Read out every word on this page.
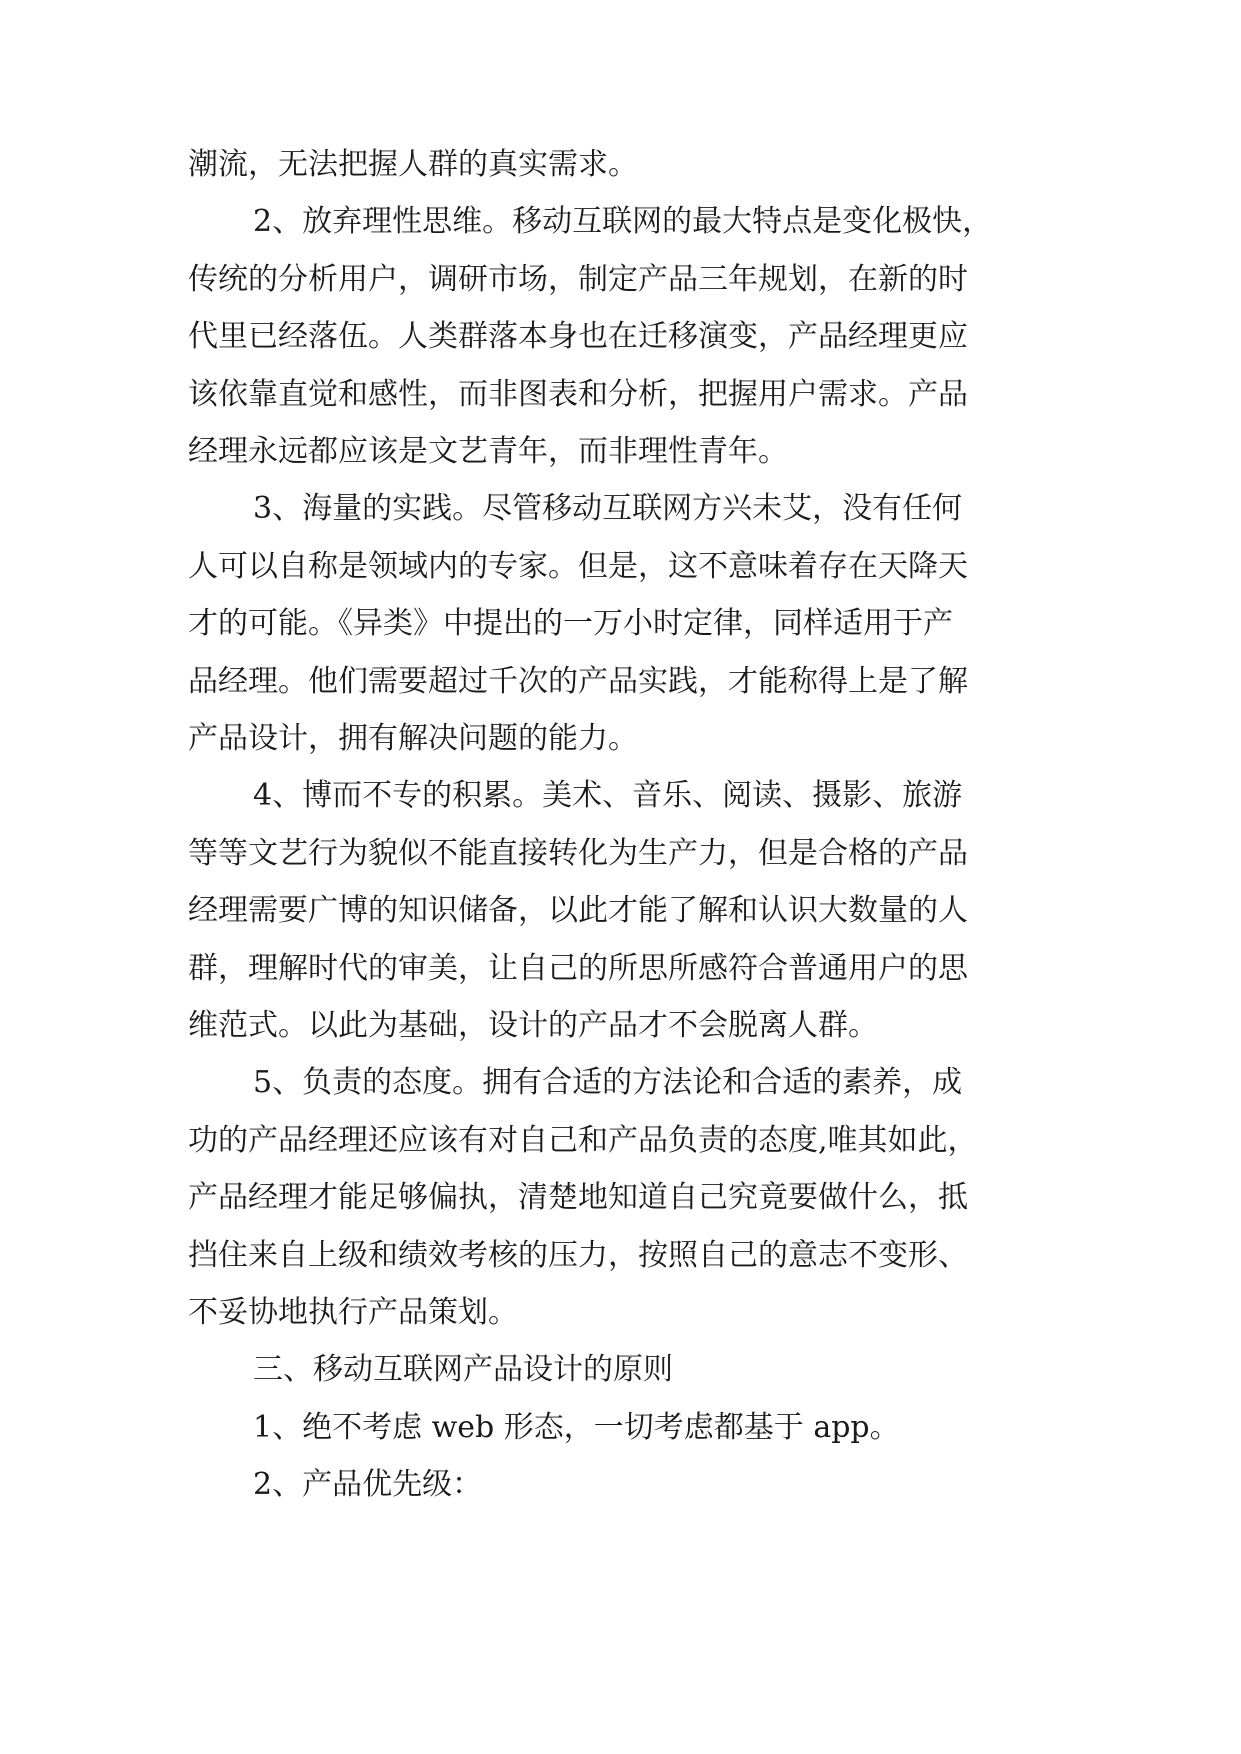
潮流，无法把握人群的真实需求。

2、放弃理性思维。移动互联网的最大特点是变化极快，

传统的分析用户，调研市场，制定产品三年规划，在新的时

代里已经落伍。人类群落本身也在迁移演变，产品经理更应

该依靠直觉和感性，而非图表和分析，把握用户需求。产品

经理永远都应该是文艺青年，而非理性青年。

3、海量的实践。尽管移动互联网方兴未艾，没有任何

人可以自称是领域内的专家。但是，这不意味着存在天降天

才的可能。《异类》中提出的一万小时定律，同样适用于产

品经理。他们需要超过千次的产品实践，才能称得上是了解

产品设计，拥有解决问题的能力。

4、博而不专的积累。美术、音乐、阅读、摄影、旅游

等等文艺行为貌似不能直接转化为生产力，但是合格的产品

经理需要广博的知识储备，以此才能了解和认识大数量的人

群，理解时代的审美，让自己的所思所感符合普通用户的思

维范式。以此为基础，设计的产品才不会脱离人群。

5、负责的态度。拥有合适的方法论和合适的素养，成

功的产品经理还应该有对自己和产品负责的态度,唯其如此，

产品经理才能足够偏执，清楚地知道自己究竟要做什么，抵

挡住来自上级和绩效考核的压力，按照自己的意志不变形、

不妥协地执行产品策划。

三、移动互联网产品设计的原则

1、绝不考虑 web 形态，一切考虑都基于 app。

2、产品优先级：
